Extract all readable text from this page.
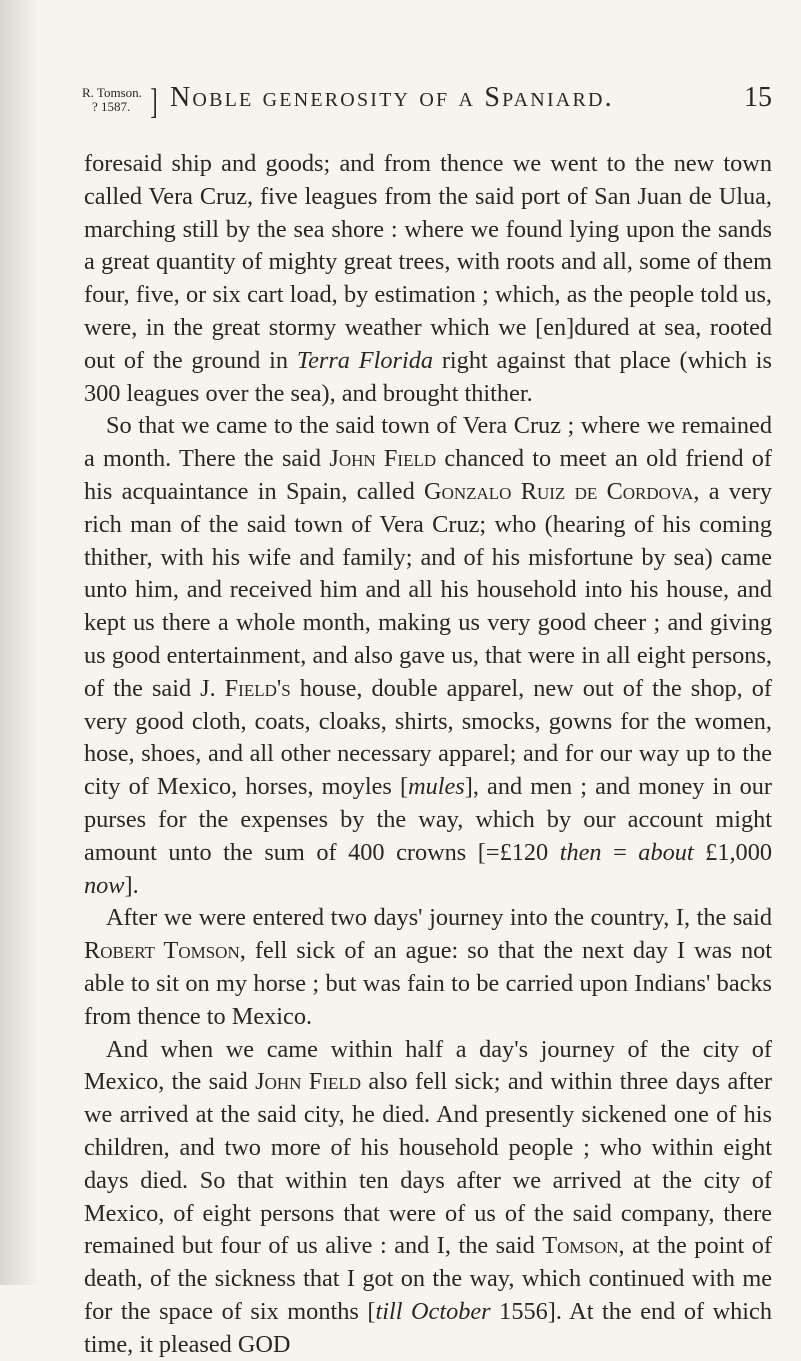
R. Tomson.
? 1587. ] Noble generosity of a Spaniard.	15

foresaid ship and goods; and from thence we went to the new town called Vera Cruz, five leagues from the said port of San Juan de Ulua, marching still by the sea shore : where we found lying upon the sands a great quantity of mighty great trees, with roots and all, some of them four, five, or six cart load, by estimation ; which, as the people told us, were, in the great stormy weather which we [en]dured at sea, rooted out of the ground in Terra Florida right against that place (which is 300 leagues over the sea), and brought thither.

So that we came to the said town of Vera Cruz ; where we remained a month. There the said John Field chanced to meet an old friend of his acquaintance in Spain, called Gonzalo Ruiz de Cordova, a very rich man of the said town of Vera Cruz; who (hearing of his coming thither, with his wife and family; and of his misfortune by sea) came unto him, and received him and all his household into his house, and kept us there a whole month, making us very good cheer ; and giving us good entertainment, and also gave us, that were in all eight persons, of the said J. Field's house, double apparel, new out of the shop, of very good cloth, coats, cloaks, shirts, smocks, gowns for the women, hose, shoes, and all other necessary apparel; and for our way up to the city of Mexico, horses, moyles [mules], and men ; and money in our purses for the expenses by the way, which by our account might amount unto the sum of 400 crowns [=£120 then = about £1,000 now].

After we were entered two days' journey into the country, I, the said Robert Tomson, fell sick of an ague: so that the next day I was not able to sit on my horse ; but was fain to be carried upon Indians' backs from thence to Mexico.

And when we came within half a day's journey of the city of Mexico, the said John Field also fell sick; and within three days after we arrived at the said city, he died. And presently sickened one of his children, and two more of his household people ; who within eight days died. So that within ten days after we arrived at the city of Mexico, of eight persons that were of us of the said company, there remained but four of us alive : and I, the said Tomson, at the point of death, of the sickness that I got on the way, which continued with me for the space of six months [till October 1556]. At the end of which time, it pleased GOD
